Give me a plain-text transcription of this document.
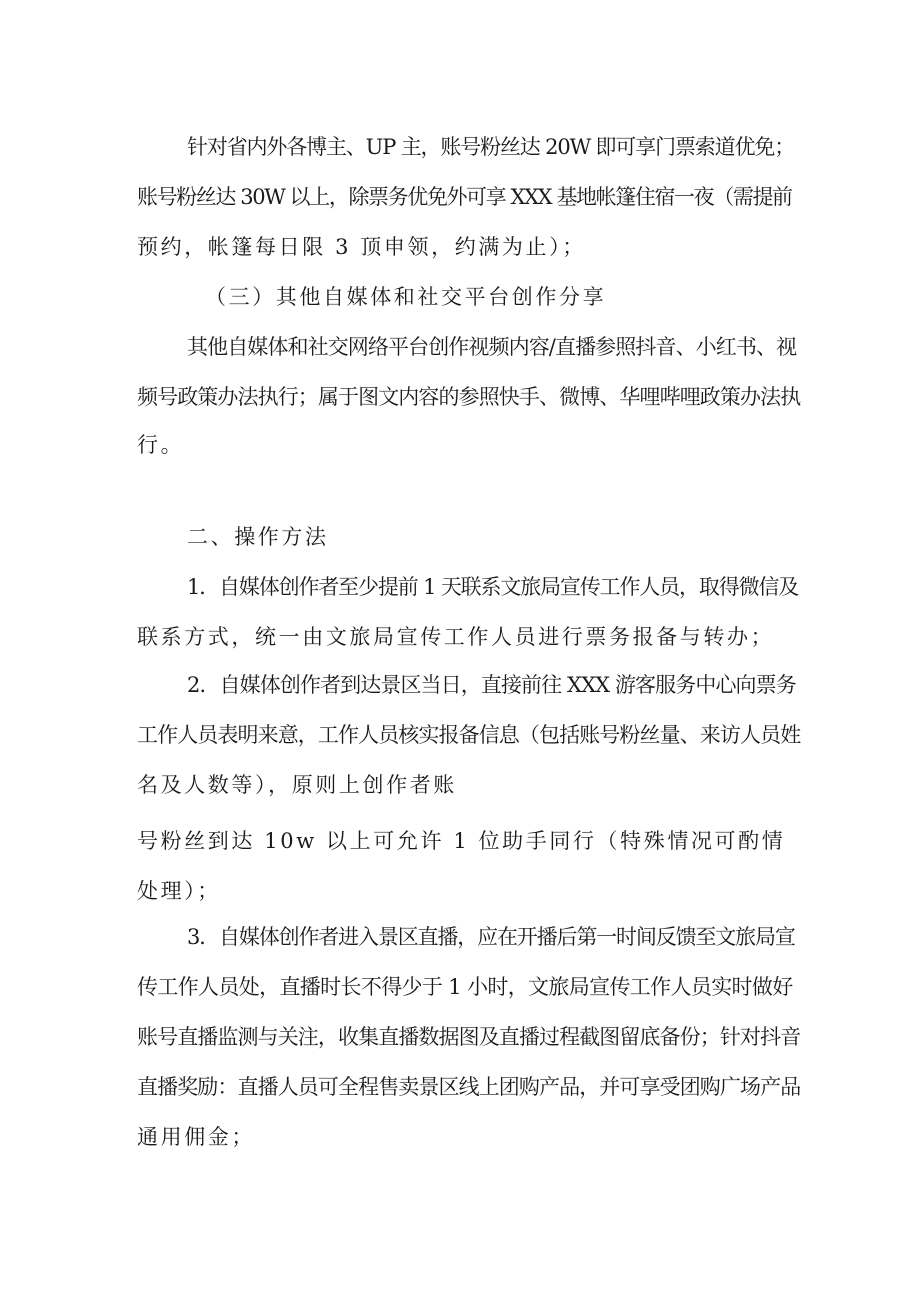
针对省内外各博主、UP 主，账号粉丝达 20W 即可享门票索道优免；
账号粉丝达 30W 以上，除票务优免外可享 XXX 基地帐篷住宿一夜（需提前
预约，帐篷每日限 3 顶申领，约满为止）；
（三）其他自媒体和社交平台创作分享
其他自媒体和社交网络平台创作视频内容/直播参照抖音、小红书、视
频号政策办法执行；属于图文内容的参照快手、微博、华哩哔哩政策办法执
行。
二、操作方法
1．自媒体创作者至少提前 1 天联系文旅局宣传工作人员，取得微信及
联系方式，统一由文旅局宣传工作人员进行票务报备与转办；
2．自媒体创作者到达景区当日，直接前往 XXX 游客服务中心向票务
工作人员表明来意，工作人员核实报备信息（包括账号粉丝量、来访人员姓
名及人数等），原则上创作者账
号粉丝到达 10w 以上可允许 1 位助手同行（特殊情况可酌情
处理）；
3．自媒体创作者进入景区直播，应在开播后第一时间反馈至文旅局宣
传工作人员处，直播时长不得少于 1 小时，文旅局宣传工作人员实时做好
账号直播监测与关注，收集直播数据图及直播过程截图留底备份；针对抖音
直播奖励：直播人员可全程售卖景区线上团购产品，并可享受团购广场产品
通用佣金；
